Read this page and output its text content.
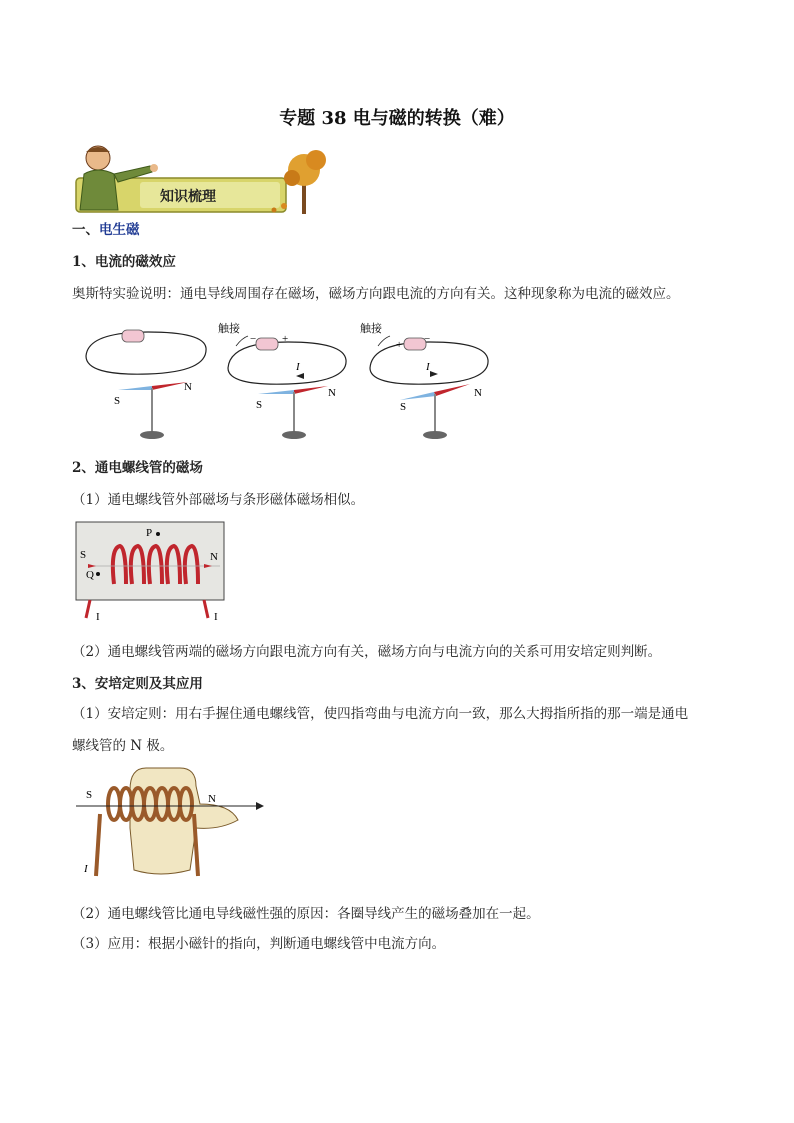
专题 38 电与磁的转换（难）
知识梳理
一、电生磁
1、电流的磁效应
奥斯特实验说明：通电导线周围存在磁场，磁场方向跟电流的方向有关。这种现象称为电流的磁效应。
S
N
触接
− +
I
S
N
触接
+ −
I
S
N
2、通电螺线管的磁场
（1）通电螺线管外部磁场与条形磁体磁场相似。
S	N
P
Q
I	I
（2）通电螺线管两端的磁场方向跟电流方向有关，磁场方向与电流方向的关系可用安培定则判断。
3、安培定则及其应用
（1）安培定则：用右手握住通电螺线管，使四指弯曲与电流方向一致，那么大拇指所指的那一端是通电
螺线管的 N 极。
S	N
I
（2）通电螺线管比通电导线磁性强的原因：各圈导线产生的磁场叠加在一起。
（3）应用：根据小磁针的指向，判断通电螺线管中电流方向。
